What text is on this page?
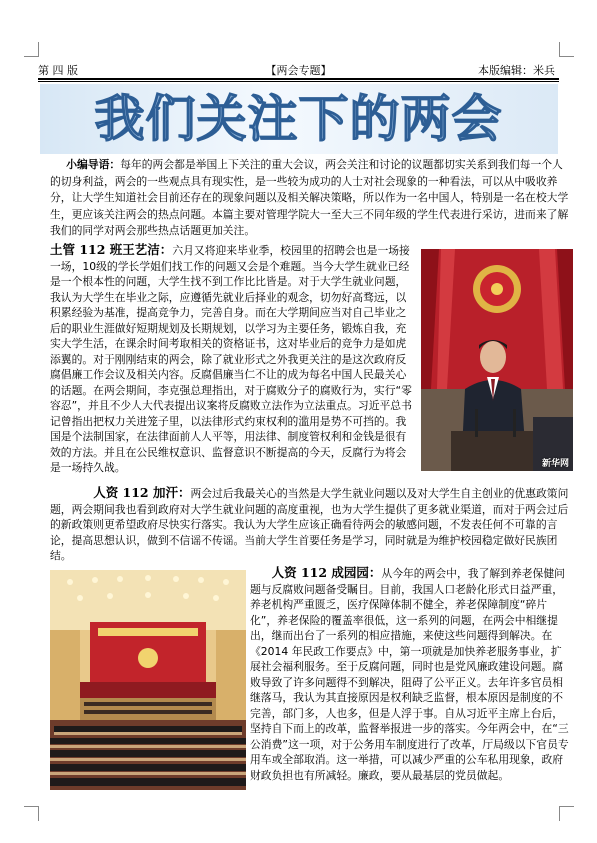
第 四 版	【两会专题】	本版编辑：米兵
我们关注下的两会

小编导语：每年的两会都是举国上下关注的重大会议，两会关注和讨论的议题都切实关系到我们每一个人的切身利益，两会的一些观点具有现实性，是一些较为成功的人士对社会现象的一种看法，可以从中吸收养分，让大学生知道社会目前还存在的现象问题以及相关解决策略，所以作为一名中国人，特别是一名在校大学生，更应该关注两会的热点问题。本篇主要对管理学院大一至大三不同年级的学生代表进行采访，进而来了解我们的同学对两会那些热点话题更加关注。

新华网

土管 112 班王艺洁：六月又将迎来毕业季，校园里的招聘会也是一场接一场，10级的学长学姐们找工作的问题又会是个难题。当今大学生就业已经是一个根本性的问题，大学生找不到工作比比皆是。对于大学生就业问题，我认为大学生在毕业之际，应遵循先就业后择业的观念，切勿好高骛远，以积累经验为基准，提高竞争力，完善自身。而在大学期间应当对自己毕业之后的职业生涯做好短期规划及长期规划，以学习为主要任务，锻炼自我，充实大学生活，在课余时间考取相关的资格证书，这对毕业后的竞争力是如虎添翼的。对于刚刚结束的两会，除了就业形式之外我更关注的是这次政府反腐倡廉工作会议及相关内容。反腐倡廉当仁不让的成为每名中国人民最关心的话题。在两会期间，李克强总理指出，对于腐败分子的腐败行为，实行“零容忍”，并且不少人大代表提出议案将反腐败立法作为立法重点。习近平总书记曾指出把权力关进笼子里，以法律形式约束权利的滥用是势不可挡的。我国是个法制国家，在法律面前人人平等，用法律、制度管权利和金钱是很有效的方法。并且在公民维权意识、监督意识不断提高的今天，反腐行为将会是一场持久战。

人资 112 加汗：两会过后我最关心的当然是大学生就业问题以及对大学生自主创业的优惠政策问题，两会期间我也看到政府对大学生就业问题的高度重视，也为大学生提供了更多就业渠道，而对于两会过后的新政策则更希望政府尽快实行落实。我认为大学生应该正确看待两会的敏感问题，不发表任何不可靠的言论，提高思想认识，做到不信谣不传谣。当前大学生首要任务是学习，同时就是为维护校园稳定做好民族团结。

人资 112 成园园：从今年的两会中，我了解到养老保健问题与反腐败问题备受瞩目。目前，我国人口老龄化形式日益严重，养老机构严重匮乏，医疗保障体制不健全，养老保障制度“碎片化”，养老保险的覆盖率很低，这一系列的问题，在两会中相继提出，继而出台了一系列的相应措施，来使这些问题得到解决。在《2014 年民政工作要点》中，第一项就是加快养老服务事业，扩展社会福利服务。至于反腐问题，同时也是党风廉政建设问题。腐败导致了许多问题得不到解决，阻碍了公平正义。去年许多官员相继落马，我认为其直接原因是权利缺乏监督，根本原因是制度的不完善，部门多，人也多，但是人浮于事。自从习近平主席上台后，坚持自下而上的改革，监督举报进一步的落实。今年两会中，在“三公消费”这一项，对于公务用车制度进行了改革，厅局级以下官员专用车或全部取消。这一举措，可以减少严重的公车私用现象，政府财政负担也有所减轻。廉政，要从最基层的党员做起。
